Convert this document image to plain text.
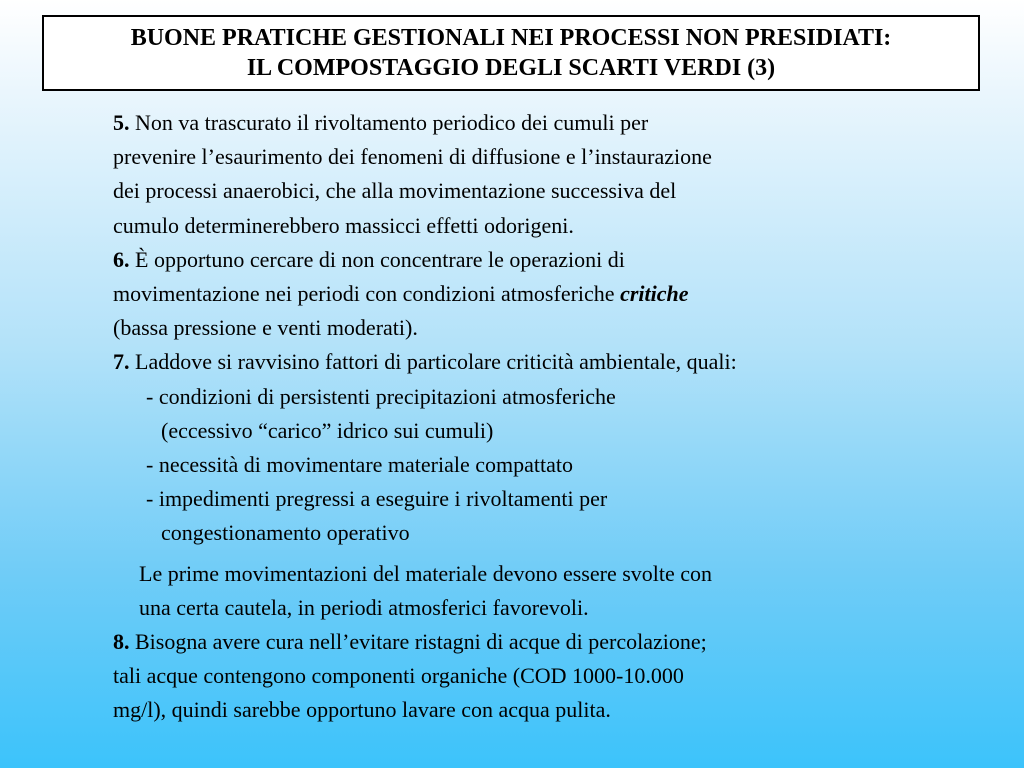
BUONE PRATICHE GESTIONALI NEI PROCESSI NON PRESIDIATI:
IL COMPOSTAGGIO DEGLI SCARTI VERDI (3)
5. Non va trascurato il rivoltamento periodico dei cumuli per
prevenire l’esaurimento dei fenomeni di diffusione e l’instaurazione
dei processi anaerobici, che alla movimentazione successiva del
cumulo determinerebbero massicci effetti odorigeni.
6. È opportuno cercare di non concentrare le operazioni di
movimentazione nei periodi con condizioni atmosferiche critiche
(bassa pressione e venti moderati).
7. Laddove si ravvisino fattori di particolare criticità ambientale, quali:
- condizioni di persistenti precipitazioni atmosferiche
(eccessivo “carico” idrico sui cumuli)
- necessità di movimentare materiale compattato
- impedimenti pregressi a eseguire i rivoltamenti per
congestionamento operativo
Le prime movimentazioni del materiale devono essere svolte con
una certa cautela, in periodi atmosferici favorevoli.
8. Bisogna avere cura nell’evitare ristagni di acque di percolazione;
tali acque contengono componenti organiche (COD 1000-10.000
mg/l), quindi sarebbe opportuno lavare con acqua pulita.
